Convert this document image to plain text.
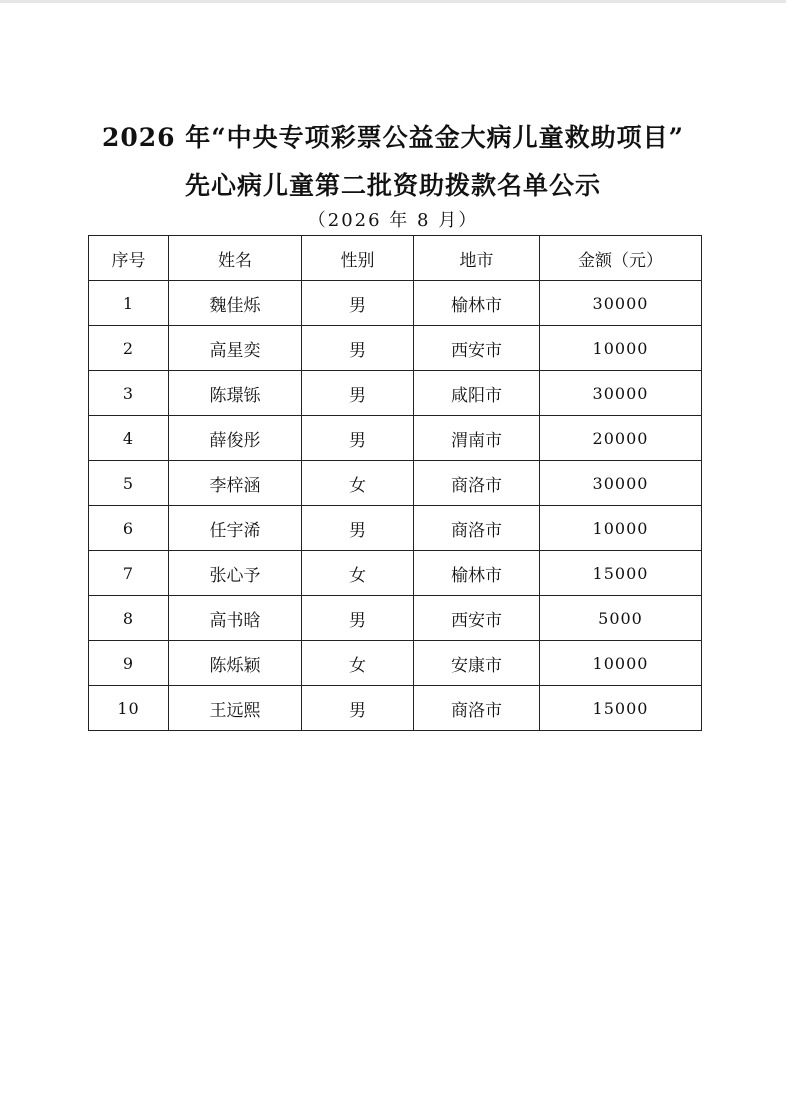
2026 年“中央专项彩票公益金大病儿童救助项目”
先心病儿童第二批资助拨款名单公示
（2026 年 8 月）
序号	姓名	性别	地市	金额（元）
1	魏佳烁	男	榆林市	30000
2	高星奕	男	西安市	10000
3	陈璟铄	男	咸阳市	30000
4	薛俊彤	男	渭南市	20000
5	李梓涵	女	商洛市	30000
6	任宇浠	男	商洛市	10000
7	张心予	女	榆林市	15000
8	高书晗	男	西安市	5000
9	陈烁颖	女	安康市	10000
10	王远熙	男	商洛市	15000
